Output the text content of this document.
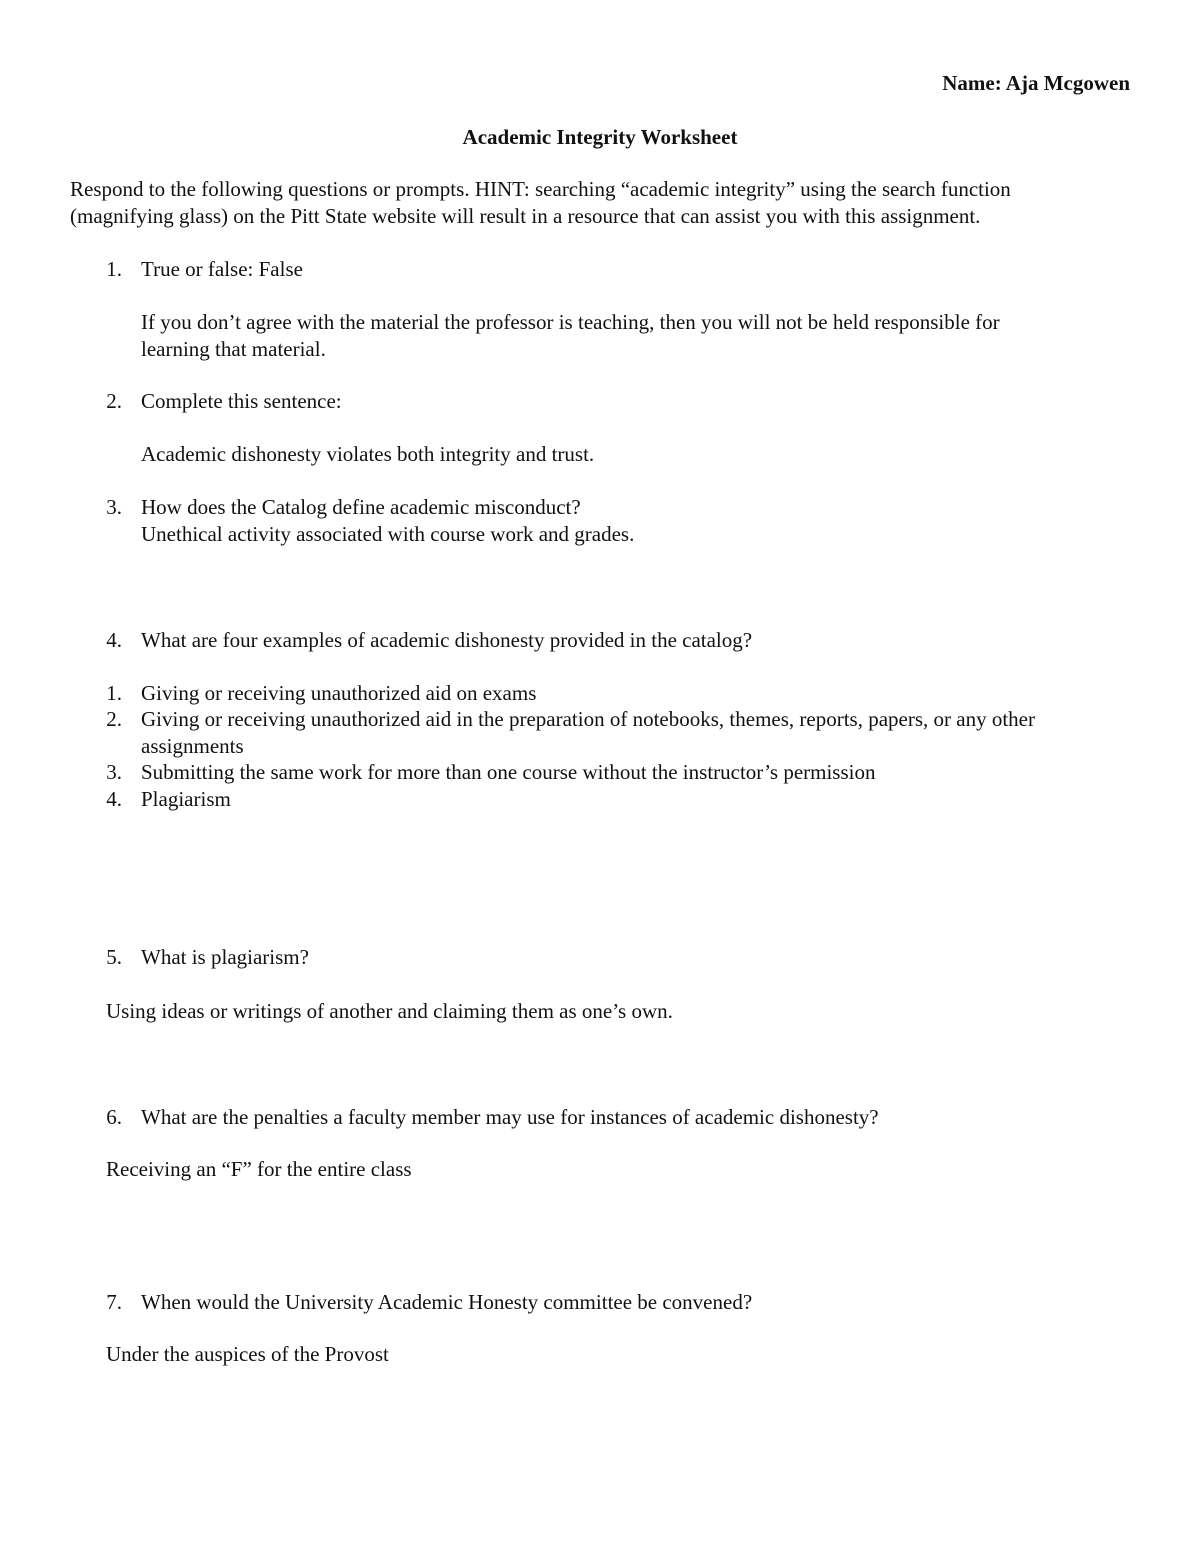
Name: Aja Mcgowen
Academic Integrity Worksheet
Respond to the following questions or prompts. HINT: searching “academic integrity” using the search function
(magnifying glass) on the Pitt State website will result in a resource that can assist you with this assignment.
1. True or false: False
If you don’t agree with the material the professor is teaching, then you will not be held responsible for
learning that material.
2. Complete this sentence:
Academic dishonesty violates both integrity and trust.
3. How does the Catalog define academic misconduct?
Unethical activity associated with course work and grades.
4. What are four examples of academic dishonesty provided in the catalog?
1. Giving or receiving unauthorized aid on exams
2. Giving or receiving unauthorized aid in the preparation of notebooks, themes, reports, papers, or any other
assignments
3. Submitting the same work for more than one course without the instructor’s permission
4. Plagiarism
5. What is plagiarism?
Using ideas or writings of another and claiming them as one’s own.
6. What are the penalties a faculty member may use for instances of academic dishonesty?
Receiving an “F” for the entire class
7. When would the University Academic Honesty committee be convened?
Under the auspices of the Provost
